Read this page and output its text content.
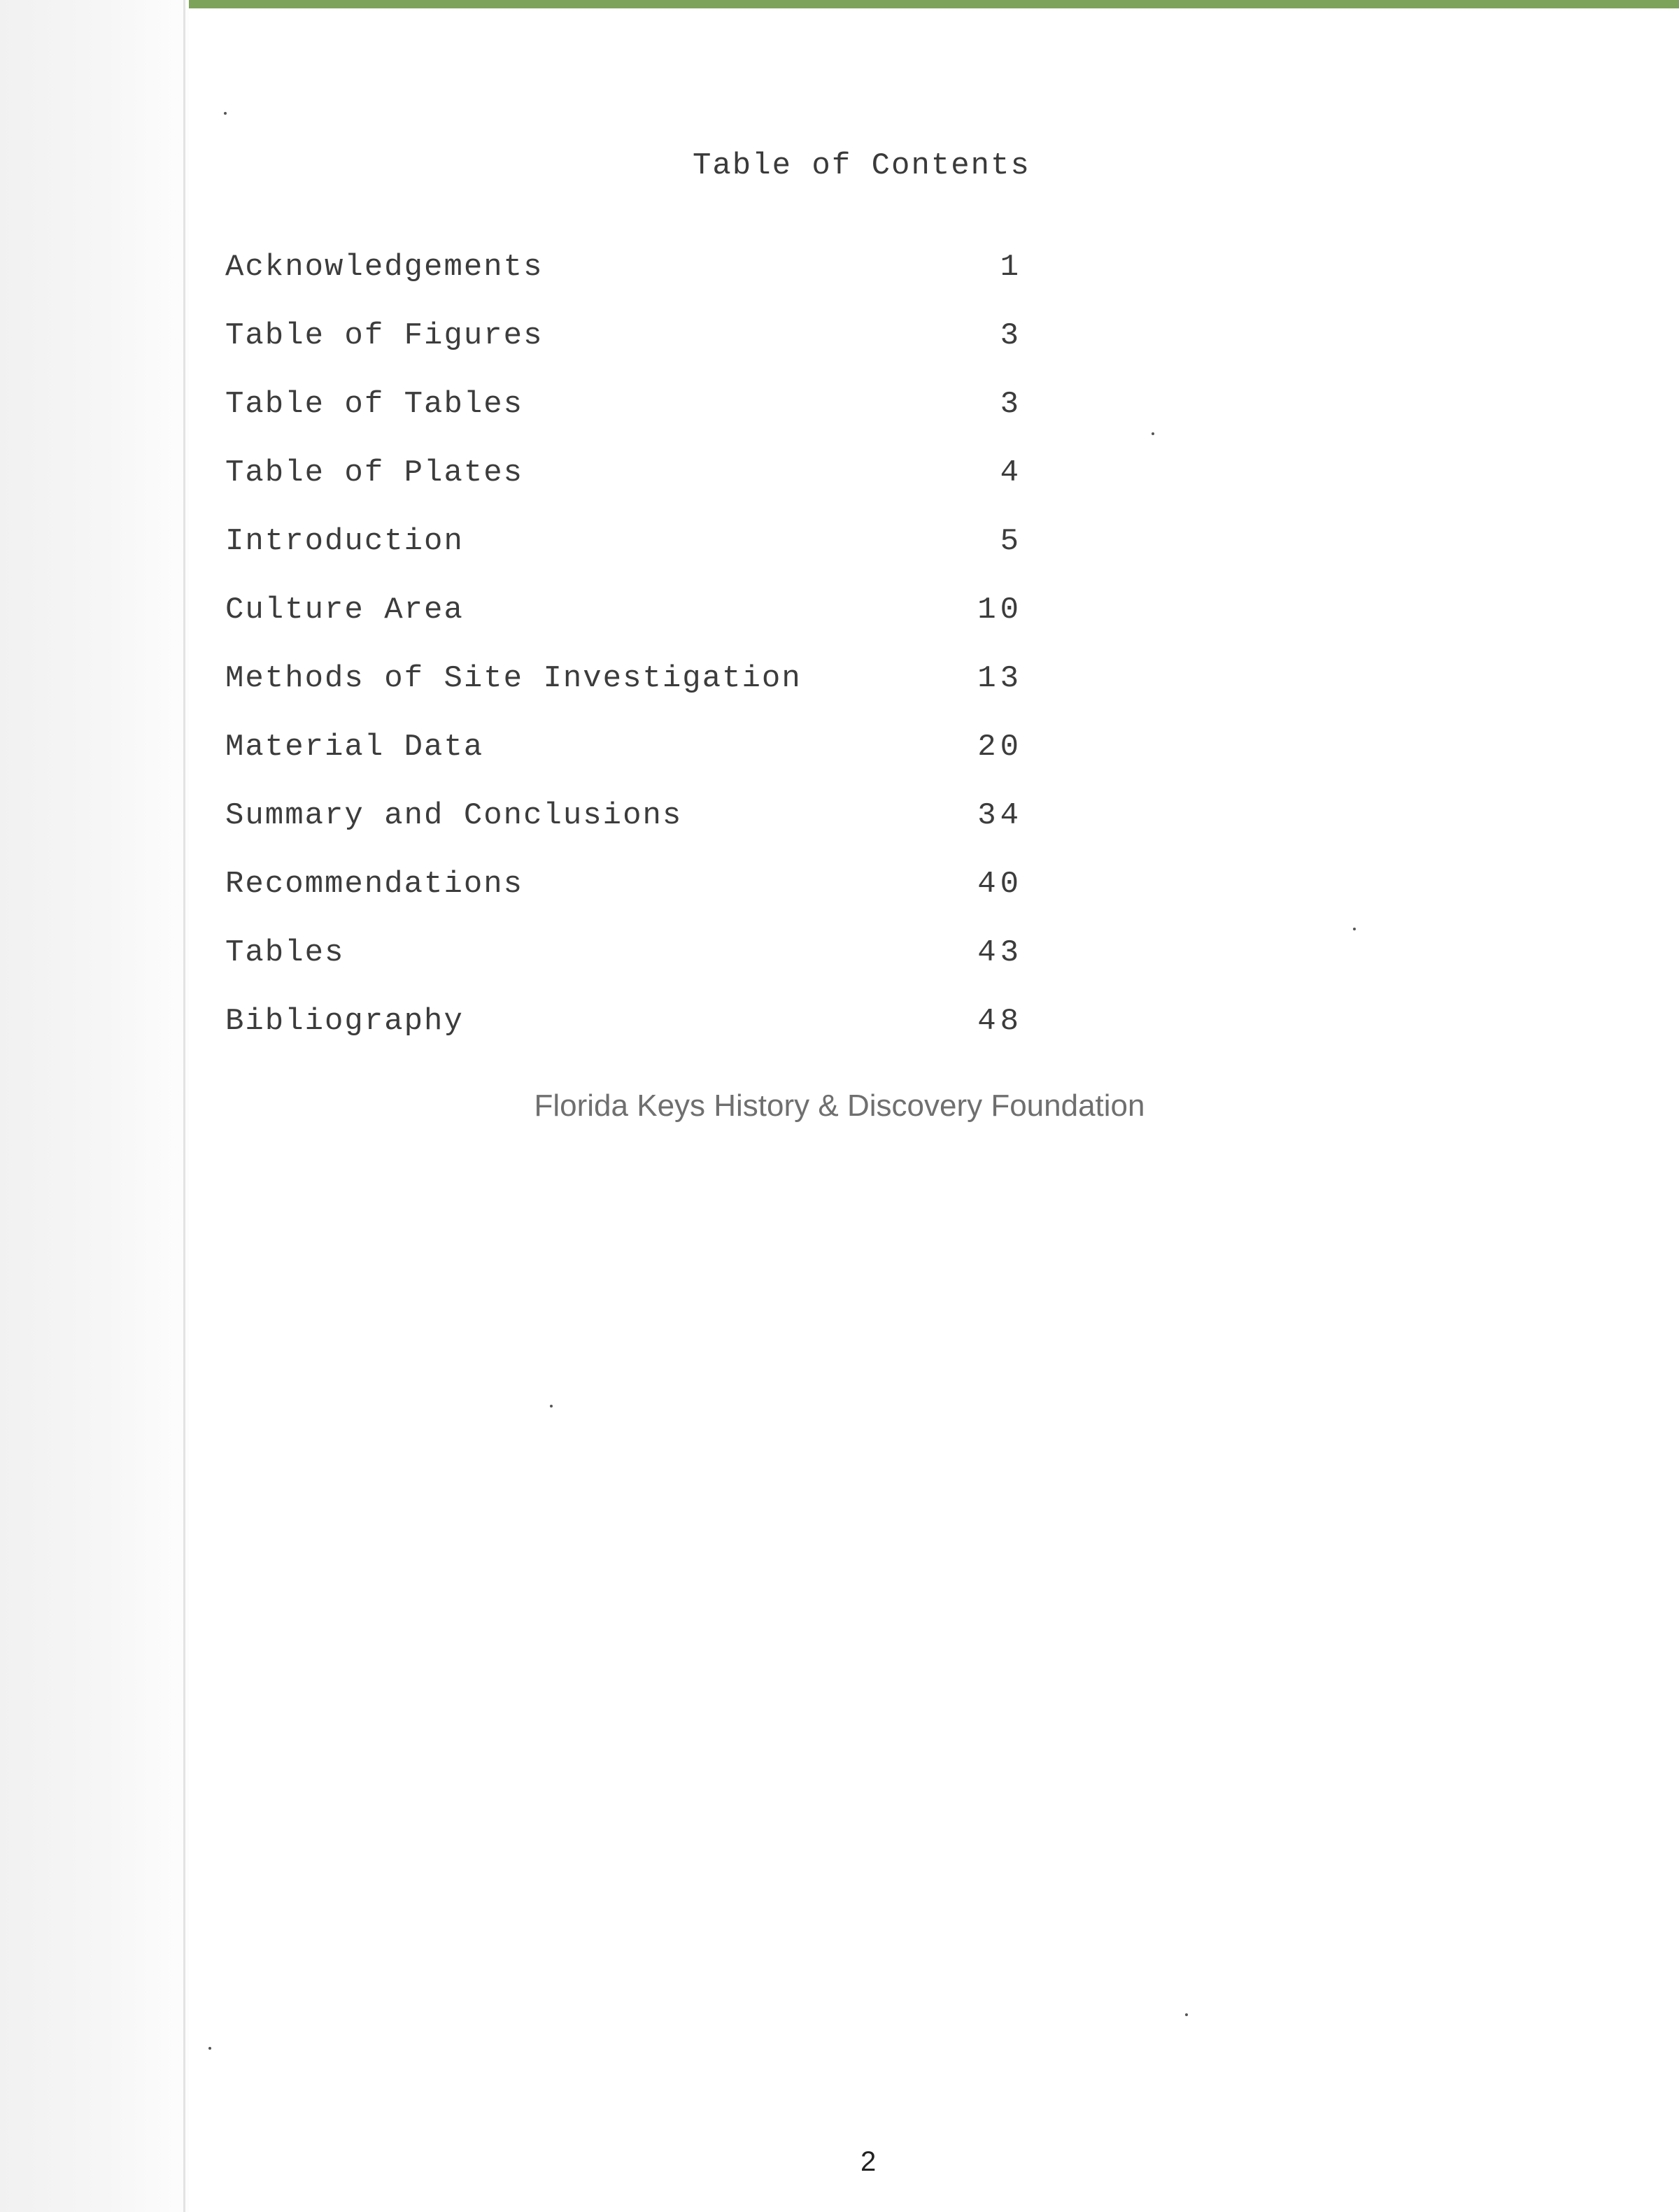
Table of Contents
Acknowledgements	1
Table of Figures	3
Table of Tables	3
Table of Plates	4
Introduction	5
Culture Area	10
Methods of Site Investigation	13
Material Data	20
Summary and Conclusions	34
Recommendations	40
Tables	43
Bibliography	48
Florida Keys History & Discovery Foundation
2
